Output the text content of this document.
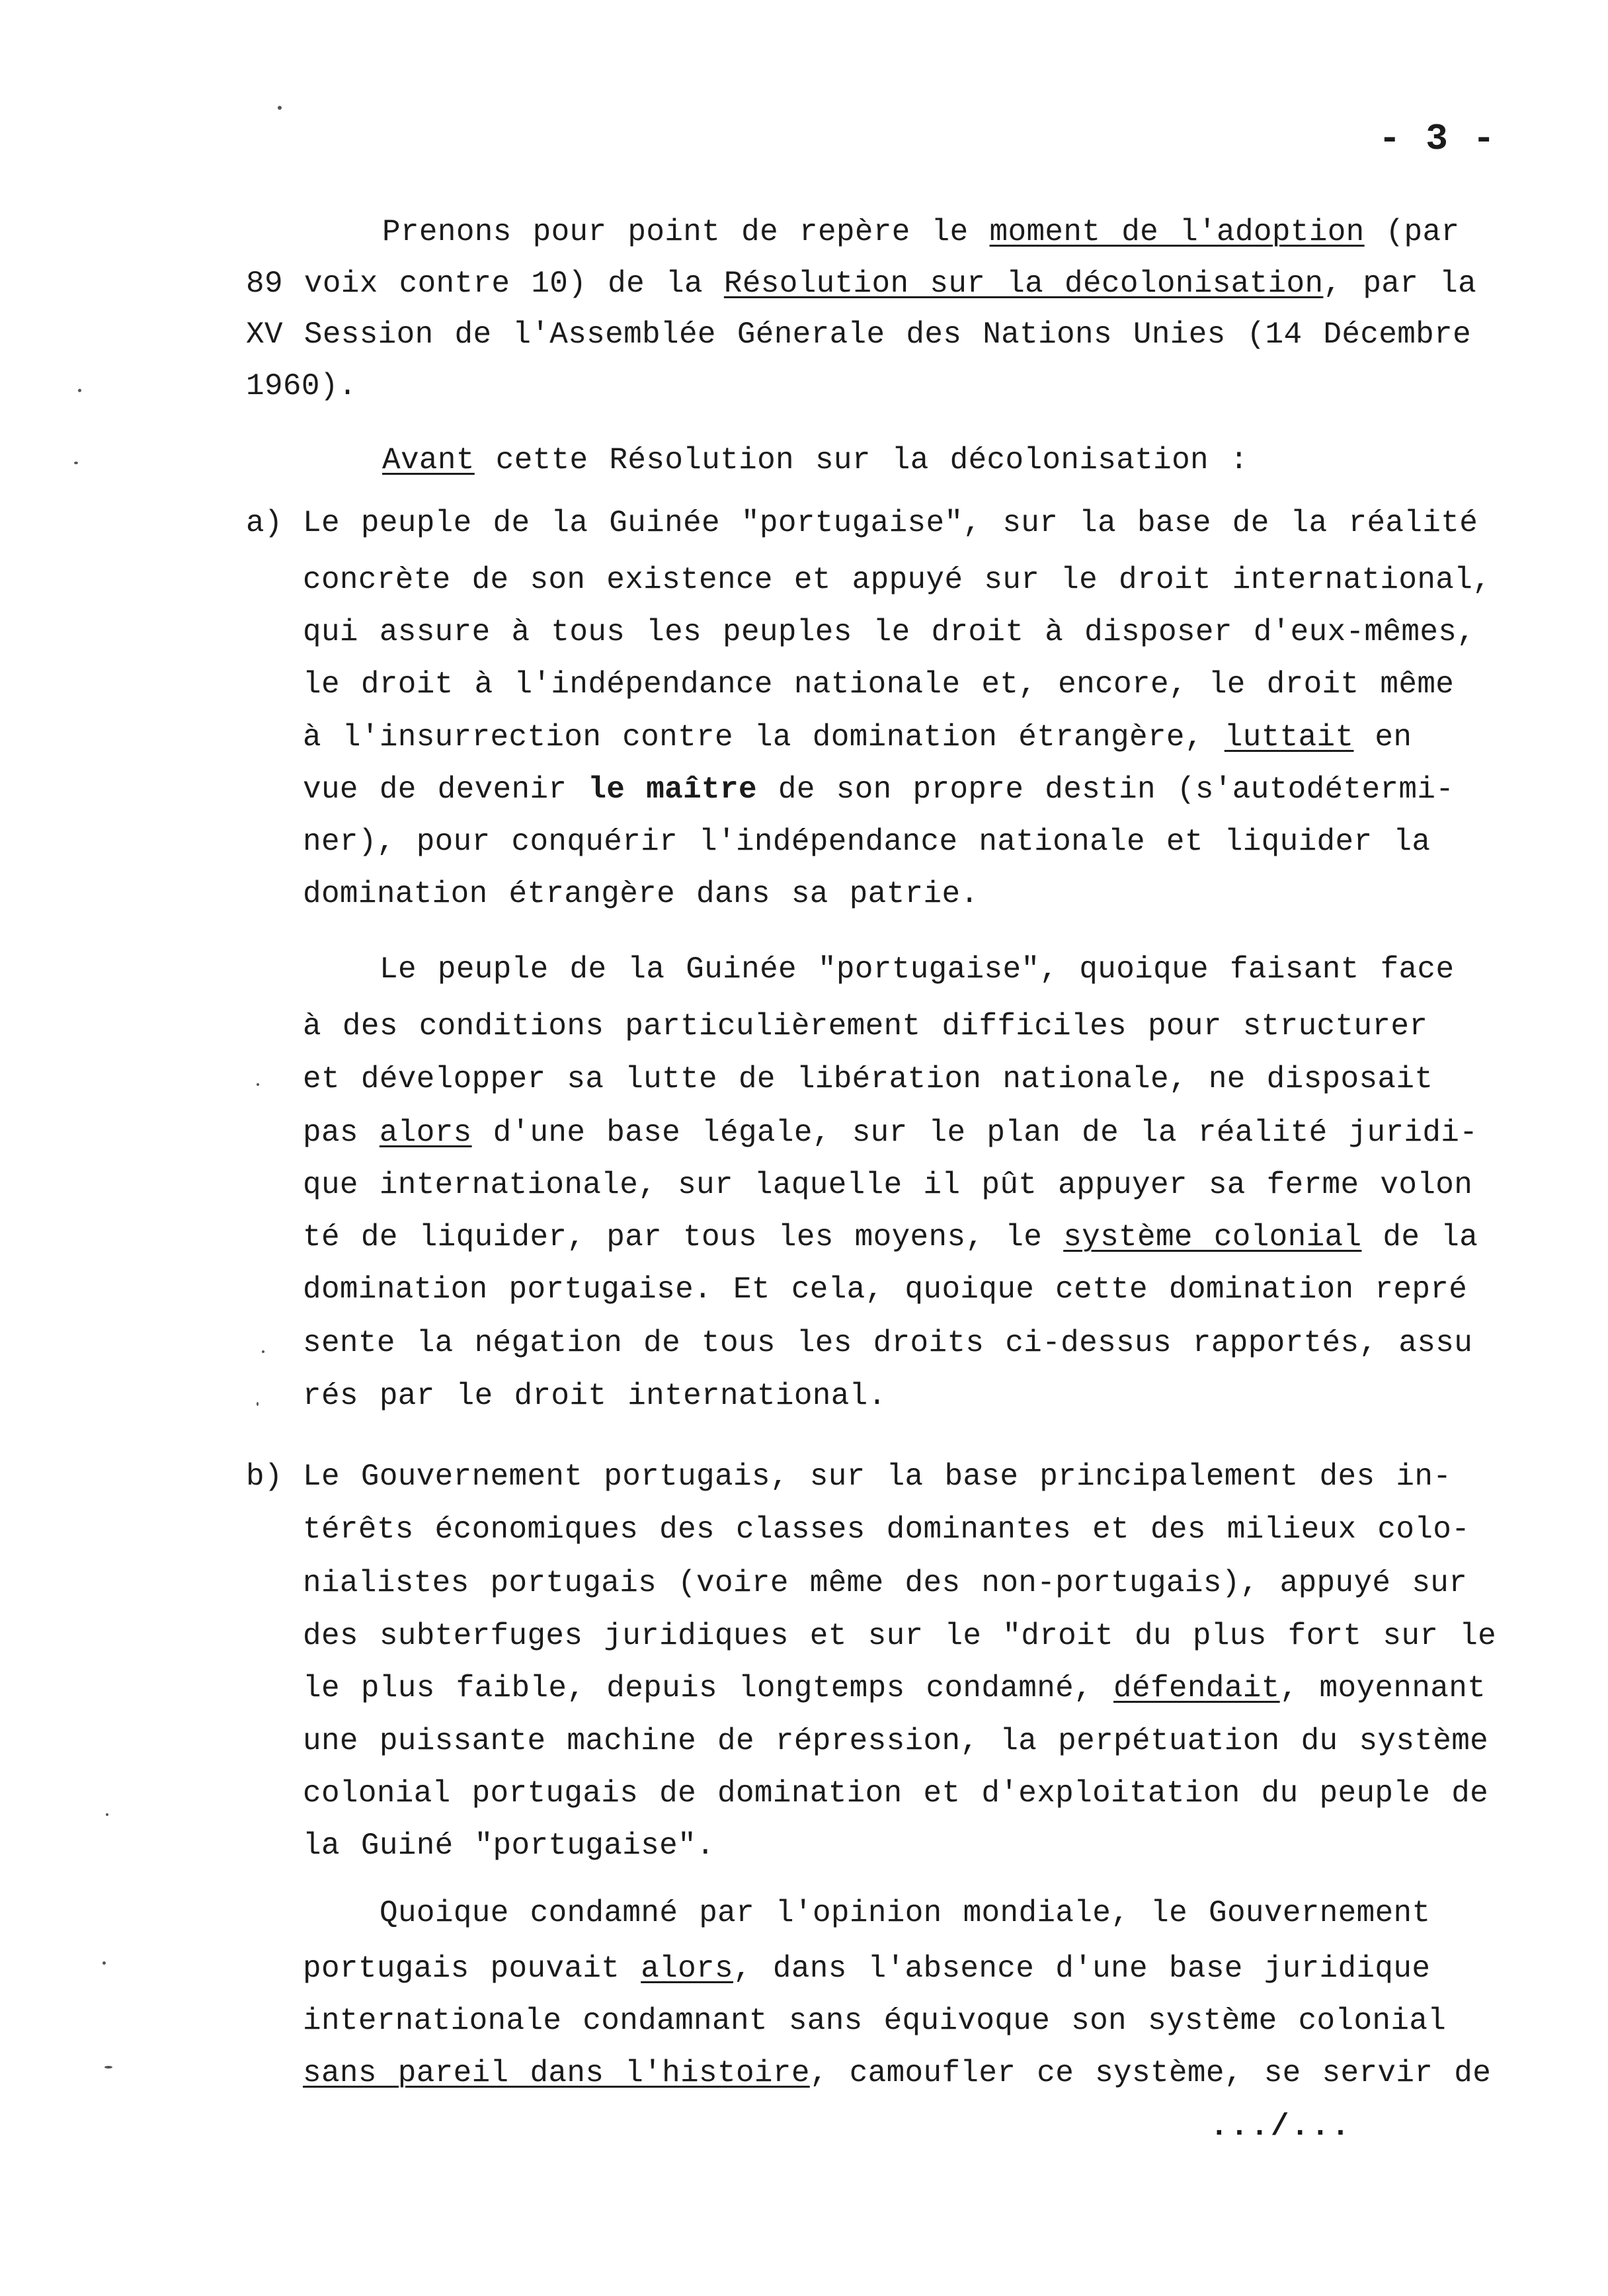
- 3 -
Prenons pour point de repère le moment de l'adoption (par
89 voix contre 10) de la Résolution sur la décolonisation, par la
XV Session de l'Assemblée Génerale des Nations Unies (14 Décembre
1960).
Avant cette Résolution sur la décolonisation :
a) Le peuple de la Guinée "portugaise", sur la base de la réalité
concrète de son existence et appuyé sur le droit international,
qui assure à tous les peuples le droit à disposer d'eux-mêmes,
le droit à l'indépendance nationale et, encore, le droit même
à l'insurrection contre la domination étrangère, luttait en
vue de devenir le maître de son propre destin (s'autodétermi-
ner), pour conquérir l'indépendance nationale et liquider la
domination étrangère dans sa patrie.
Le peuple de la Guinée "portugaise", quoique faisant face
à des conditions particulièrement difficiles pour structurer
et développer sa lutte de libération nationale, ne disposait
pas alors d'une base légale, sur le plan de la réalité juridi-
que internationale, sur laquelle il pût appuyer sa ferme volon
té de liquider, par tous les moyens, le système colonial de la
domination portugaise. Et cela, quoique cette domination repré
sente la négation de tous les droits ci-dessus rapportés, assu
rés par le droit international.
b) Le Gouvernement portugais, sur la base principalement des in-
térêts économiques des classes dominantes et des milieux colo-
nialistes portugais (voire même des non-portugais), appuyé sur
des subterfuges juridiques et sur le "droit du plus fort sur le
le plus faible, depuis longtemps condamné, défendait, moyennant
une puissante machine de répression, la perpétuation du système
colonial portugais de domination et d'exploitation du peuple de
la Guiné "portugaise".
Quoique condamné par l'opinion mondiale, le Gouvernement
portugais pouvait alors, dans l'absence d'une base juridique
internationale condamnant sans équivoque son système colonial
sans pareil dans l'histoire, camoufler ce système, se servir de
.../...
